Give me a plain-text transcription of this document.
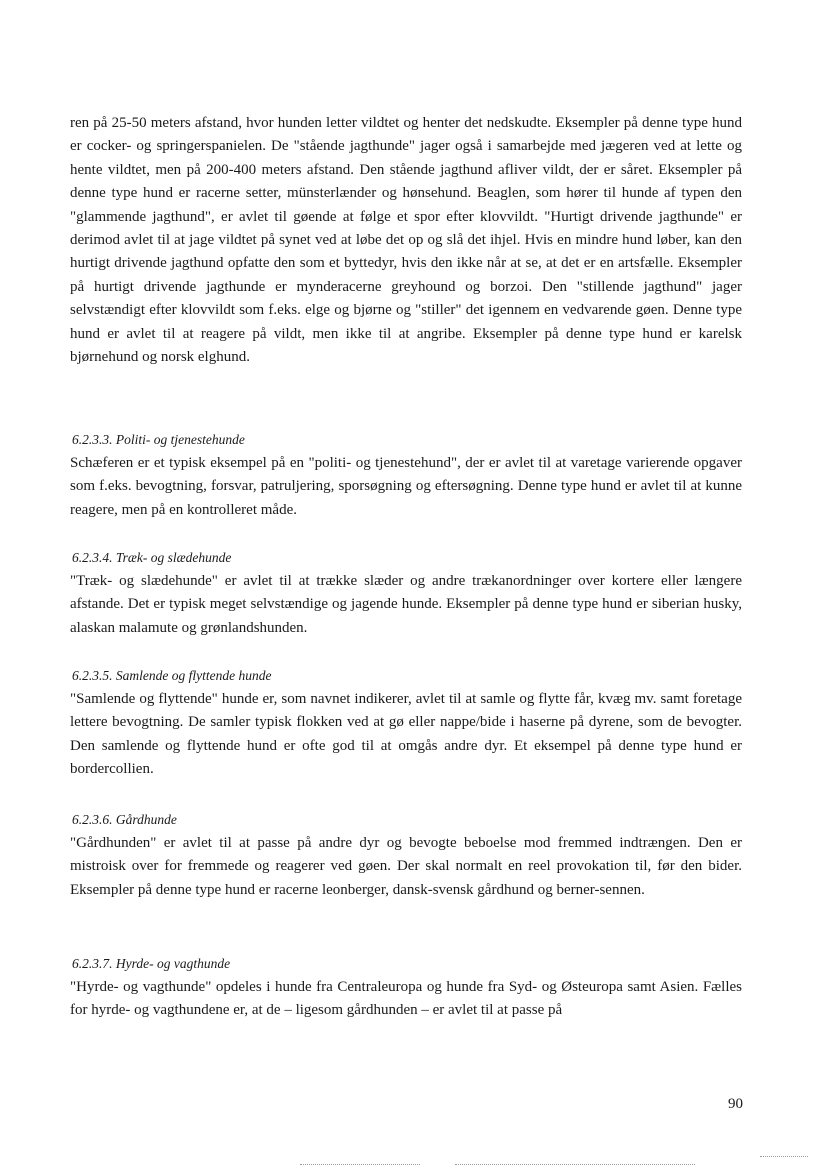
ren på 25-50 meters afstand, hvor hunden letter vildtet og henter det nedskudte. Eksempler på denne type hund er cocker- og springerspanielen. De "stående jagthunde" jager også i samarbejde med jægeren ved at lette og hente vildtet, men på 200-400 meters afstand. Den stående jagthund afliver vildt, der er såret. Eksempler på denne type hund er racerne setter, münsterlænder og hønsehund. Beaglen, som hører til hunde af typen den "glammende jagthund", er avlet til gøende at følge et spor efter klovvildt. "Hurtigt drivende jagthunde" er derimod avlet til at jage vildtet på synet ved at løbe det op og slå det ihjel. Hvis en mindre hund løber, kan den hurtigt drivende jagthund opfatte den som et byttedyr, hvis den ikke når at se, at det er en artsfælle. Eksempler på hurtigt drivende jagthunde er mynderacerne greyhound og borzoi. Den "stillende jagthund" jager selvstændigt efter klovvildt som f.eks. elge og bjørne og "stiller" det igennem en vedvarende gøen. Denne type hund er avlet til at reagere på vildt, men ikke til at angribe. Eksempler på denne type hund er karelsk bjørnehund og norsk elghund.

6.2.3.3. Politi- og tjenestehunde

Schæferen er et typisk eksempel på en "politi- og tjenestehund", der er avlet til at varetage varierende opgaver som f.eks. bevogtning, forsvar, patruljering, sporsøgning og eftersøgning. Denne type hund er avlet til at kunne reagere, men på en kontrolleret måde.

6.2.3.4. Træk- og slædehunde

"Træk- og slædehunde" er avlet til at trække slæder og andre trækanordninger over kortere eller længere afstande. Det er typisk meget selvstændige og jagende hunde. Eksempler på denne type hund er siberian husky, alaskan malamute og grønlandshunden.

6.2.3.5. Samlende og flyttende hunde

"Samlende og flyttende" hunde er, som navnet indikerer, avlet til at samle og flytte får, kvæg mv. samt foretage lettere bevogtning. De samler typisk flokken ved at gø eller nappe/bide i haserne på dyrene, som de bevogter. Den samlende og flyttende hund er ofte god til at omgås andre dyr. Et eksempel på denne type hund er bordercollien.

6.2.3.6. Gårdhunde

"Gårdhunden" er avlet til at passe på andre dyr og bevogte beboelse mod fremmed indtrængen. Den er mistroisk over for fremmede og reagerer ved gøen. Der skal normalt en reel provokation til, før den bider. Eksempler på denne type hund er racerne leonberger, dansk-svensk gårdhund og berner-sennen.

6.2.3.7. Hyrde- og vagthunde

"Hyrde- og vagthunde" opdeles i hunde fra Centraleuropa og hunde fra Syd- og Østeuropa samt Asien. Fælles for hyrde- og vagthundene er, at de – ligesom gårdhunden – er avlet til at passe på

90
